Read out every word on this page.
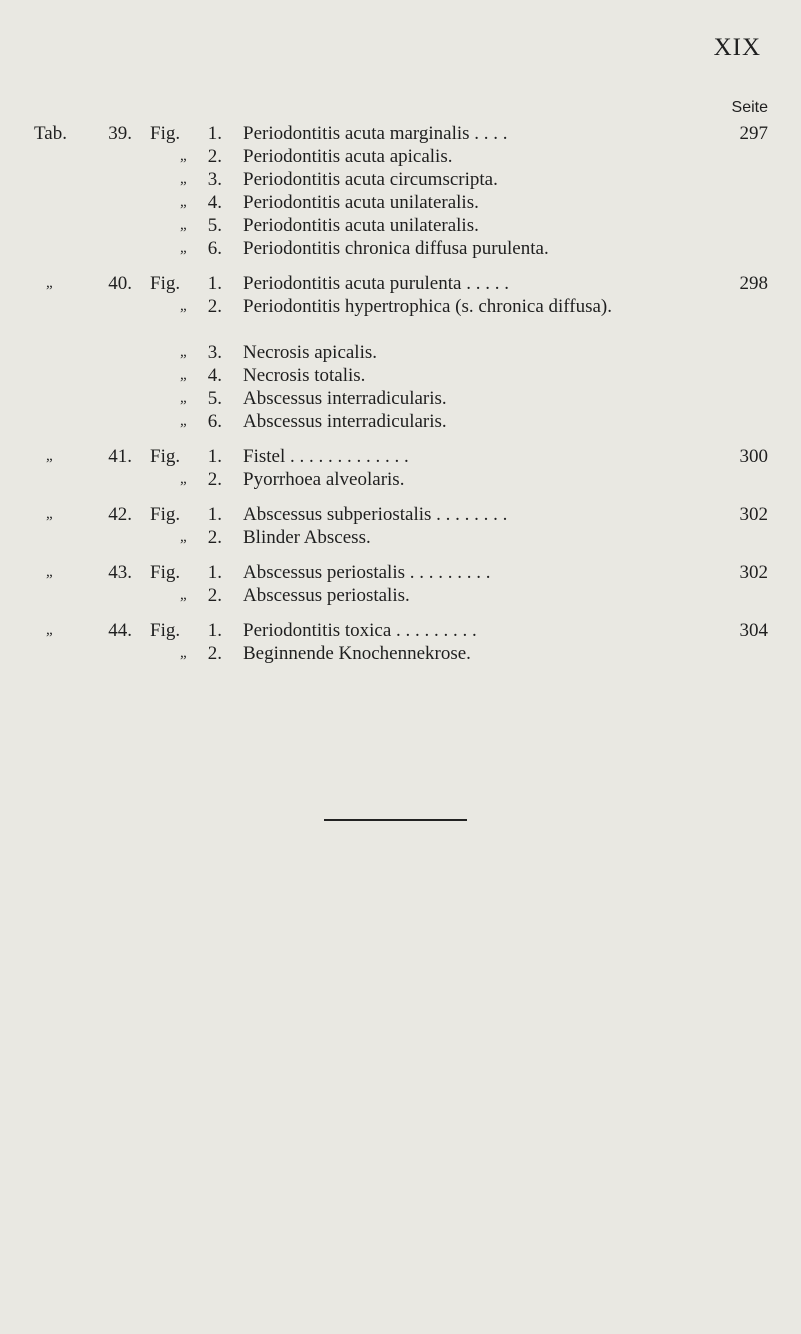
XIX
Seite
Tab.	39. Fig.	1. Periodontitis acuta marginalis . . . .	297
„	2. Periodontitis acuta apicalis.
„	3. Periodontitis acuta circumscripta.
„	4. Periodontitis acuta unilateralis.
„	5. Periodontitis acuta unilateralis.
„	6. Periodontitis chronica diffusa purulenta.
„	40. Fig.	1. Periodontitis acuta purulenta . . . . .	298
„	2. Periodontitis hypertrophica (s. chronica diffusa).
„	3. Necrosis apicalis.
„	4. Necrosis totalis.
„	5. Abscessus interradicularis.
„	6. Abscessus interradicularis.
„	41. Fig.	1. Fistel . . . . . . . . . . . . .	300
„	2. Pyorrhoea alveolaris.
„	42. Fig.	1. Abscessus subperiostalis . . . . . . . .	302
„	2. Blinder Abscess.
„	43. Fig.	1. Abscessus periostalis . . . . . . . . .	302
„	2. Abscessus periostalis.
„	44. Fig.	1. Periodontitis toxica . . . . . . . . .	304
„	2. Beginnende Knochennekrose.
